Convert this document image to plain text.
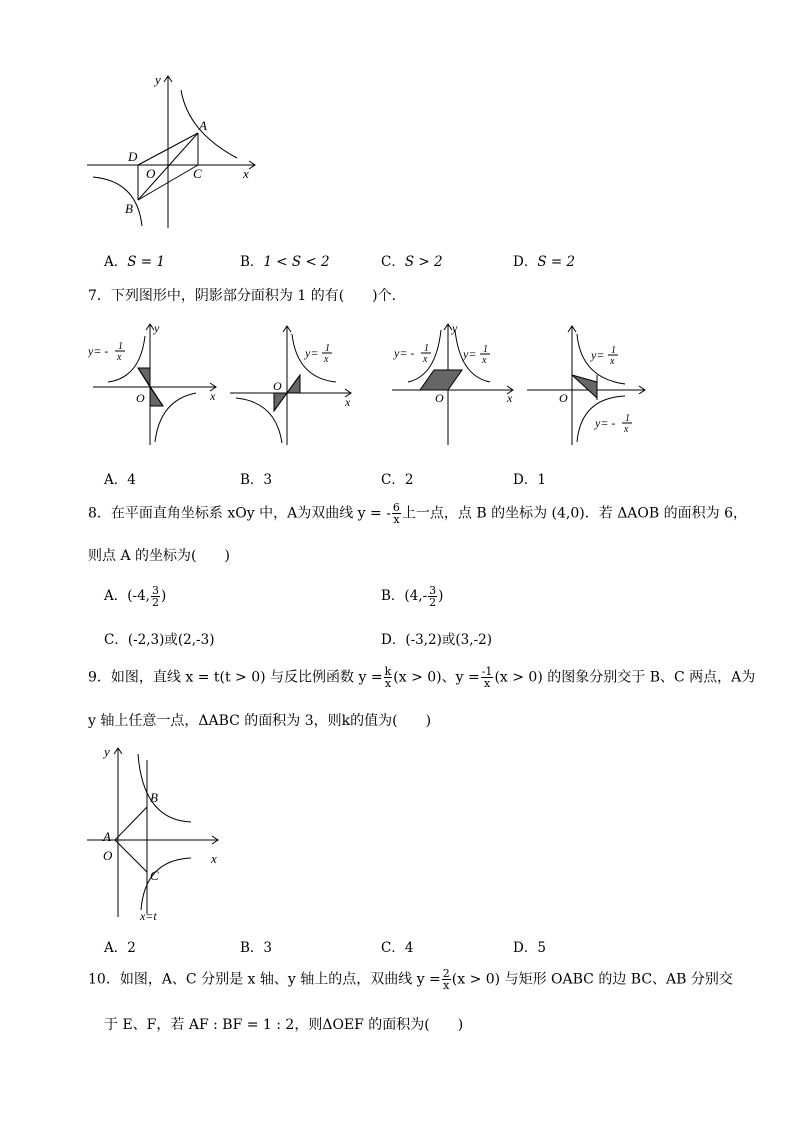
y
x
A
D
O	C
B
A．S = 1	B．1 < S < 2	C．S > 2	D．S = 2
7．下列图形中，阴影部分面积为 1 的有(　　)个．
y= - 1
x
y
x
O
y= 1
x
O
x
y= - 1
x
y
y= 1
x
O	x
y= 1
x
O
y= - 1
x
A．4	B．3	C．2	D．1
8．在平面直角坐标系 xOy 中，A为双曲线 y = - $\frac{6}{x}$ 上一点，点 B 的坐标为 (4,0)．若 ΔAOB 的面积为 6，
则点 A 的坐标为(　　)
A．(-4, $\frac{3}{2}$ )	B．($4,- \frac{3}{2}$ )
C．(-2,3)或(2,-3)	D．(-3,2)或(3,-2)
9．如图，直线 x = t(t > 0) 与反比例函数 $y = \frac{k}{x} (x > 0)$、$y = \frac{-1}{x} (x > 0)$ 的图象分别交于 B、C 两点，A为
y 轴上任意一点，ΔABC 的面积为 3，则k的值为(　　)
y
x
A
O
B
C
x=t
A．2	B．3	C．4	D．5
10．如图，A、C 分别是 x 轴、y 轴上的点，双曲线 $y = \frac{2}{x} (x > 0)$ 与矩形 OABC 的边 BC、AB 分别交
于 E、F，若 AF : BF = 1 : 2，则ΔOEF 的面积为(　　)
